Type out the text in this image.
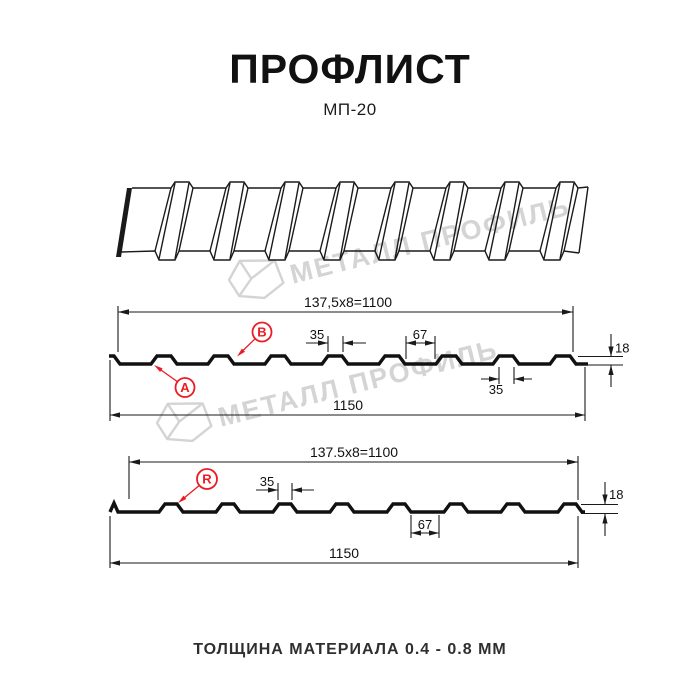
ПРОФЛИСТ
МП-20
МЕТАЛЛ ПРОФИЛЬ
137,5x8=1100
35	67
18
35
1150
B
A
137.5x8=1100
R	35
67
18
1150
ТОЛЩИНА МАТЕРИАЛА 0.4 - 0.8 ММ
